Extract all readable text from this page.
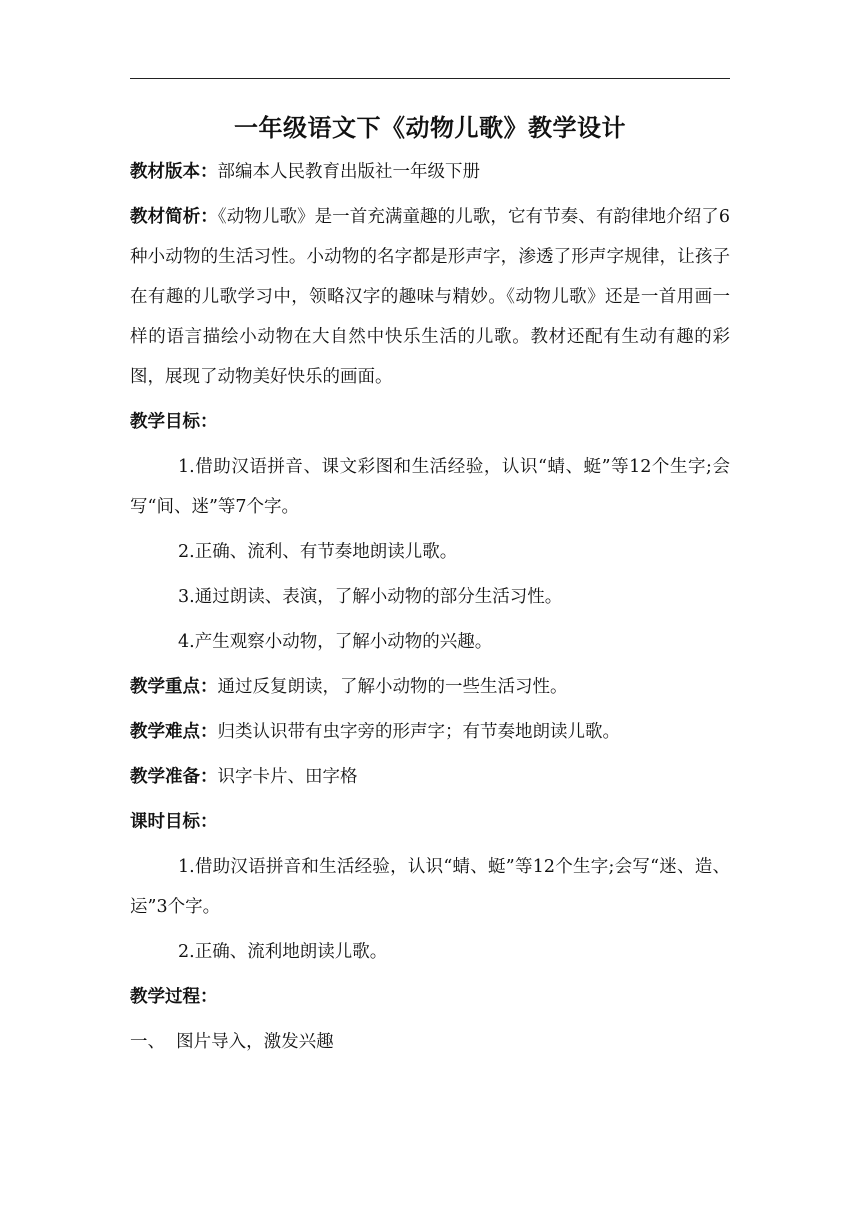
一年级语文下《动物儿歌》教学设计

教材版本：部编本人民教育出版社一年级下册

教材简析：《动物儿歌》是一首充满童趣的儿歌，它有节奏、有韵律地介绍了6种小动物的生活习性。小动物的名字都是形声字，渗透了形声字规律，让孩子在有趣的儿歌学习中，领略汉字的趣味与精妙。《动物儿歌》还是一首用画一样的语言描绘小动物在大自然中快乐生活的儿歌。教材还配有生动有趣的彩图，展现了动物美好快乐的画面。

教学目标：

1.借助汉语拼音、课文彩图和生活经验，认识“蜻、蜓”等12个生字;会写“间、迷”等7个字。

2.正确、流利、有节奏地朗读儿歌。

3.通过朗读、表演，了解小动物的部分生活习性。

4.产生观察小动物，了解小动物的兴趣。

教学重点：通过反复朗读，了解小动物的一些生活习性。

教学难点：归类认识带有虫字旁的形声字；有节奏地朗读儿歌。

教学准备：识字卡片、田字格

课时目标：

1.借助汉语拼音和生活经验，认识“蜻、蜓”等12个生字;会写“迷、造、运”3个字。

2.正确、流利地朗读儿歌。

教学过程：

一、  图片导入，激发兴趣
